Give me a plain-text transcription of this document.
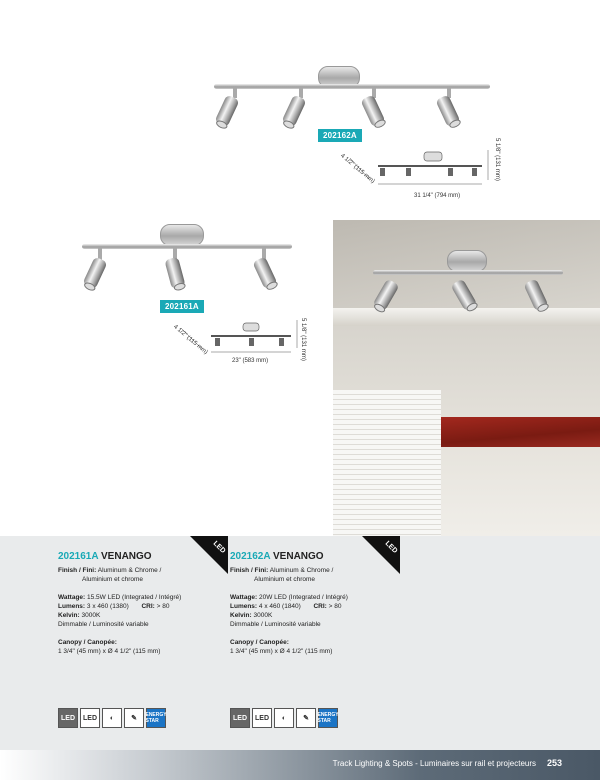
202162A
31 1/4" (794 mm)
5 1/8" (131 mm)
4 1/2" (115 mm)
202161A
23" (583 mm)
5 1/8" (131 mm)
4 1/2" (115 mm)
LED	LED
202161A VENANGO
Finish / Fini: Aluminum & Chrome /
Aluminium et chrome
Wattage: 15.5W LED (Integrated / Intégré)
Lumens: 3 x 460 (1380) CRI: > 80
Kelvin: 3000K
Dimmable / Luminosité variable
Canopy / Canopée:
1 3/4" (45 mm) x Ø 4 1/2" (115 mm)
202162A VENANGO
Finish / Fini: Aluminum & Chrome /
Aluminium et chrome
Wattage: 20W LED (Integrated / Intégré)
Lumens: 4 x 460 (1840) CRI: > 80
Kelvin: 3000K
Dimmable / Luminosité variable
Canopy / Canopée:
1 3/4" (45 mm) x Ø 4 1/2" (115 mm)
LED	LED	◐	✎	ENERGY STAR	LED	LED	◐	✎	ENERGY STAR
Track Lighting & Spots - Luminaires sur rail et projecteurs 253
